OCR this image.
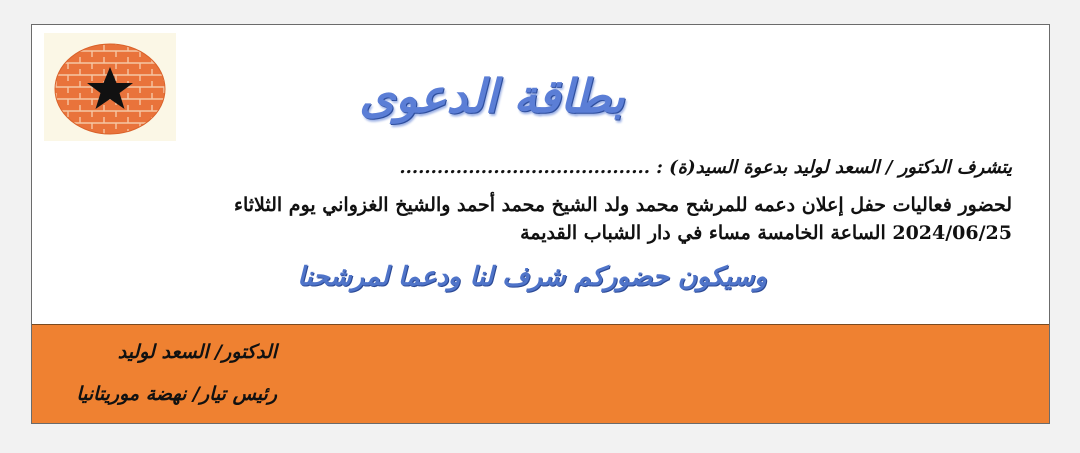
بطاقة الدعوى
يتشرف الدكتور / السعد لوليد بدعوة السيد(ة) : ........................................
لحضور فعاليات حفل إعلان دعمه للمرشح محمد ولد الشيخ محمد أحمد والشيخ الغزواني يوم الثلاثاء
2024/06/25 الساعة الخامسة مساء في دار الشباب القديمة
وسيكون حضوركم شرف لنا ودعما لمرشحنا
الدكتور/ السعد لوليد
رئيس تيار/ نهضة موريتانيا
